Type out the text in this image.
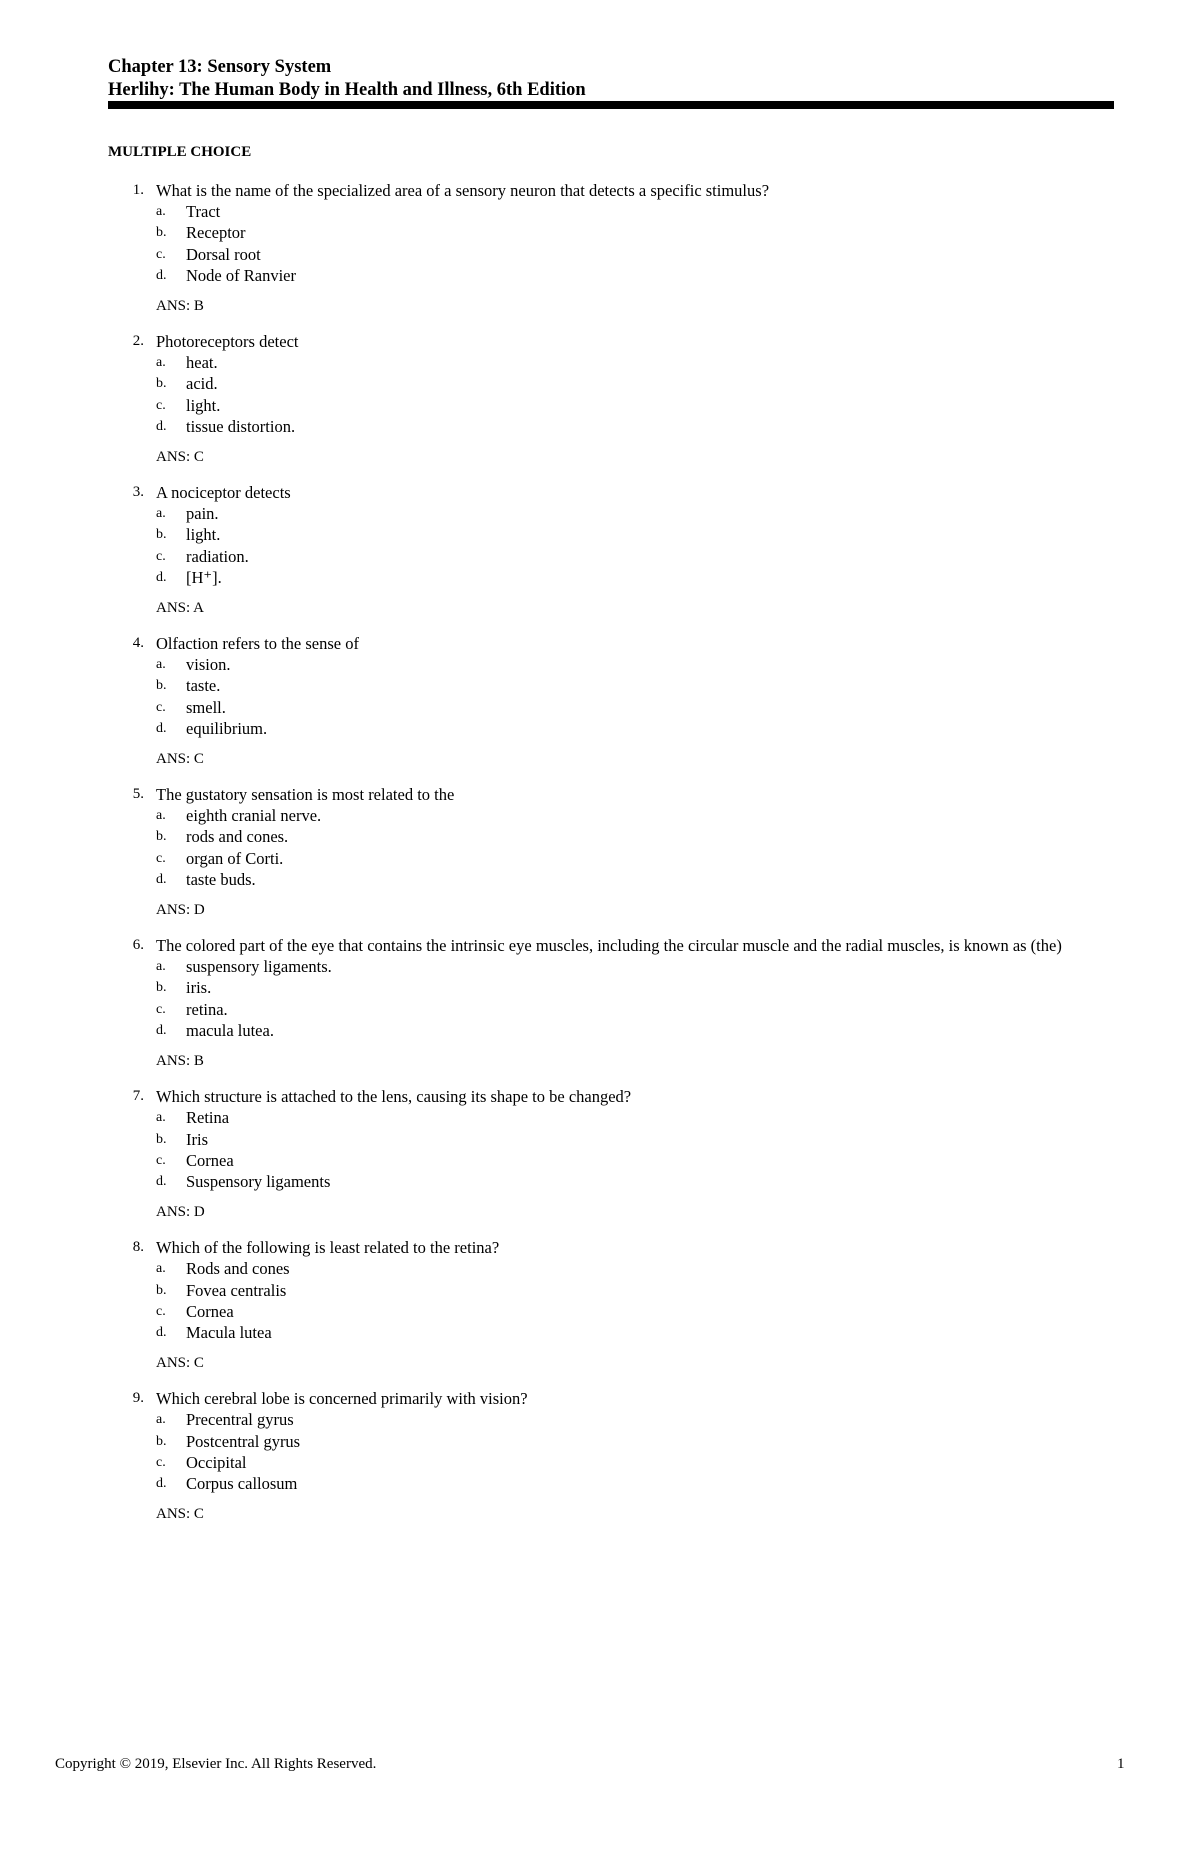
Chapter 13: Sensory System
Herlihy: The Human Body in Health and Illness, 6th Edition
MULTIPLE CHOICE
1. What is the name of the specialized area of a sensory neuron that detects a specific stimulus?
a. Tract
b. Receptor
c. Dorsal root
d. Node of Ranvier
ANS: B
2. Photoreceptors detect
a. heat.
b. acid.
c. light.
d. tissue distortion.
ANS: C
3. A nociceptor detects
a. pain.
b. light.
c. radiation.
d. [H⁺].
ANS: A
4. Olfaction refers to the sense of
a. vision.
b. taste.
c. smell.
d. equilibrium.
ANS: C
5. The gustatory sensation is most related to the
a. eighth cranial nerve.
b. rods and cones.
c. organ of Corti.
d. taste buds.
ANS: D
6. The colored part of the eye that contains the intrinsic eye muscles, including the circular muscle and the radial muscles, is known as (the)
a. suspensory ligaments.
b. iris.
c. retina.
d. macula lutea.
ANS: B
7. Which structure is attached to the lens, causing its shape to be changed?
a. Retina
b. Iris
c. Cornea
d. Suspensory ligaments
ANS: D
8. Which of the following is least related to the retina?
a. Rods and cones
b. Fovea centralis
c. Cornea
d. Macula lutea
ANS: C
9. Which cerebral lobe is concerned primarily with vision?
a. Precentral gyrus
b. Postcentral gyrus
c. Occipital
d. Corpus callosum
ANS: C
Copyright © 2019, Elsevier Inc. All Rights Reserved.	1
